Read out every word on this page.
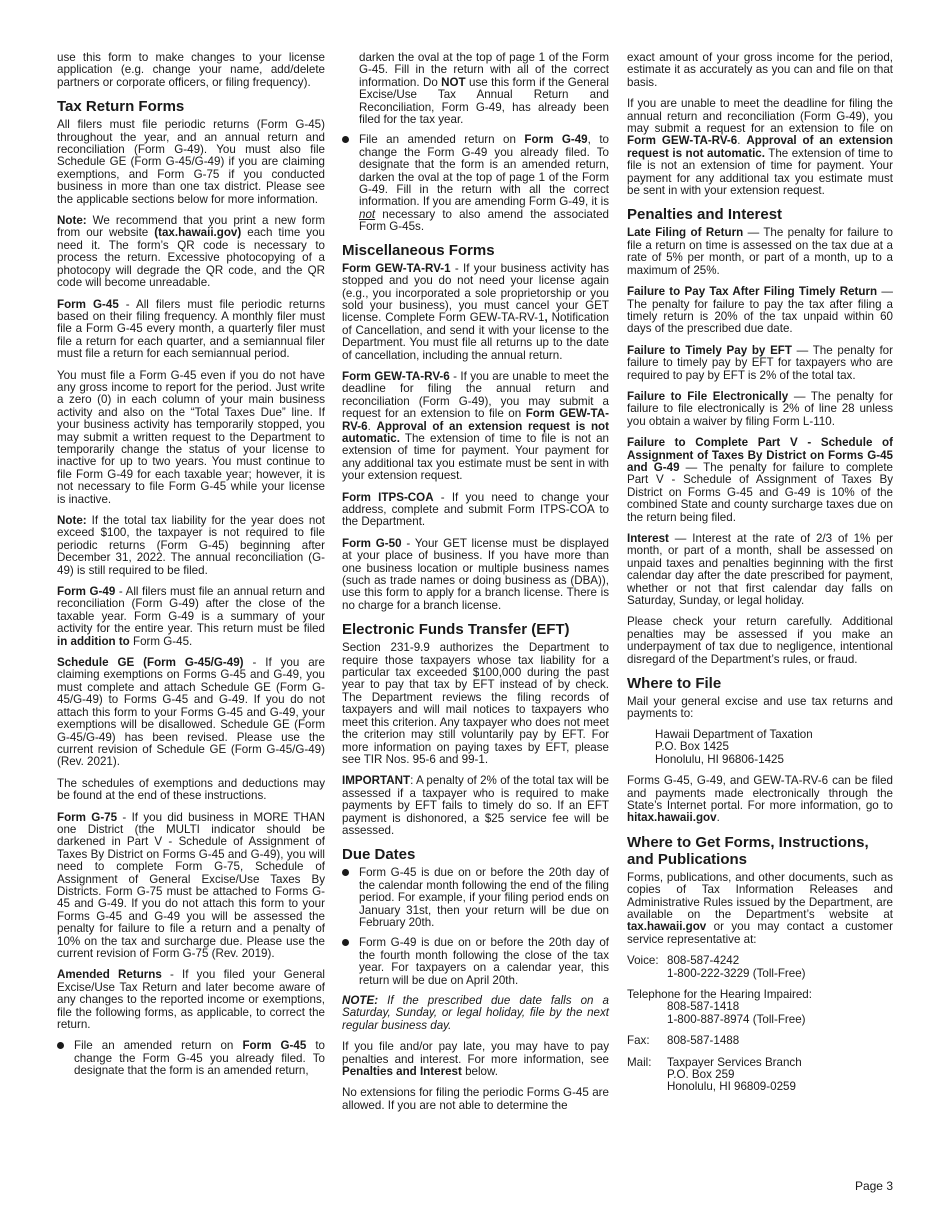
use this form to make changes to your license application (e.g. change your name, add/delete partners or corporate officers, or filing frequency).

Tax Return Forms

All filers must file periodic returns (Form G-45) throughout the year, and an annual return and reconciliation (Form G-49). You must also file Schedule GE (Form G-45/G-49) if you are claiming exemptions, and Form G-75 if you conducted business in more than one tax district. Please see the applicable sections below for more information.

Note: We recommend that you print a new form from our website (tax.hawaii.gov) each time you need it. The form’s QR code is necessary to process the return. Excessive photocopying of a photocopy will degrade the QR code, and the QR code will become unreadable.

Form G-45 - All filers must file periodic returns based on their filing frequency. A monthly filer must file a Form G-45 every month, a quarterly filer must file a return for each quarter, and a semiannual filer must file a return for each semiannual period.

You must file a Form G-45 even if you do not have any gross income to report for the period. Just write a zero (0) in each column of your main business activity and also on the “Total Taxes Due” line. If your business activity has temporarily stopped, you may submit a written request to the Department to temporarily change the status of your license to inactive for up to two years. You must continue to file Form G-49 for each taxable year; however, it is not necessary to file Form G-45 while your license is inactive.

Note: If the total tax liability for the year does not exceed $100, the taxpayer is not required to file periodic returns (Form G-45) beginning after December 31, 2022. The annual reconciliation (G-49) is still required to be filed.

Form G-49 - All filers must file an annual return and reconciliation (Form G-49) after the close of the taxable year. Form G-49 is a summary of your activity for the entire year. This return must be filed in addition to Form G-45.

Schedule GE (Form G-45/G-49) - If you are claiming exemptions on Forms G-45 and G-49, you must complete and attach Schedule GE (Form G-45/G-49) to Forms G-45 and G-49. If you do not attach this form to your Forms G-45 and G-49, your exemptions will be disallowed. Schedule GE (Form G-45/G-49) has been revised. Please use the current revision of Schedule GE (Form G-45/G-49) (Rev. 2021).

The schedules of exemptions and deductions may be found at the end of these instructions.

Form G-75 - If you did business in MORE THAN one District (the MULTI indicator should be darkened in Part V - Schedule of Assignment of Taxes By District on Forms G-45 and G-49), you will need to complete Form G-75, Schedule of Assignment of General Excise/Use Taxes By Districts. Form G-75 must be attached to Forms G-45 and G-49. If you do not attach this form to your Forms G-45 and G-49 you will be assessed the penalty for failure to file a return and a penalty of 10% on the tax and surcharge due. Please use the current revision of Form G-75 (Rev. 2019).

Amended Returns - If you filed your General Excise/Use Tax Return and later become aware of any changes to the reported income or exemptions, file the following forms, as applicable, to correct the return.

File an amended return on Form G-45 to change the Form G-45 you already filed. To designate that the form is an amended return,
darken the oval at the top of page 1 of the Form G-45. Fill in the return with all of the correct information. Do NOT use this form if the General Excise/Use Tax Annual Return and Reconciliation, Form G-49, has already been filed for the tax year.
File an amended return on Form G-49, to change the Form G-49 you already filed. To designate that the form is an amended return, darken the oval at the top of page 1 of the Form G-49. Fill in the return with all the correct information. If you are amending Form G-49, it is not necessary to also amend the associated Form G-45s.
Miscellaneous Forms

Form GEW-TA-RV-1 - If your business activity has stopped and you do not need your license again (e.g., you incorporated a sole proprietorship or you sold your business), you must cancel your GET license. Complete Form GEW-TA-RV-1, Notification of Cancellation, and send it with your license to the Department. You must file all returns up to the date of cancellation, including the annual return.

Form GEW-TA-RV-6 - If you are unable to meet the deadline for filing the annual return and reconciliation (Form G-49), you may submit a request for an extension to file on Form GEW-TA-RV-6. Approval of an extension request is not automatic. The extension of time to file is not an extension of time for payment. Your payment for any additional tax you estimate must be sent in with your extension request.

Form ITPS-COA - If you need to change your address, complete and submit Form ITPS-COA to the Department.

Form G-50 - Your GET license must be displayed at your place of business. If you have more than one business location or multiple business names (such as trade names or doing business as (DBA)), use this form to apply for a branch license. There is no charge for a branch license.

Electronic Funds Transfer (EFT)

Section 231-9.9 authorizes the Department to require those taxpayers whose tax liability for a particular tax exceeded $100,000 during the past year to pay that tax by EFT instead of by check. The Department reviews the filing records of taxpayers and will mail notices to taxpayers who meet this criterion. Any taxpayer who does not meet the criterion may still voluntarily pay by EFT. For more information on paying taxes by EFT, please see TIR Nos. 95-6 and 99-1.

IMPORTANT: A penalty of 2% of the total tax will be assessed if a taxpayer who is required to make payments by EFT fails to timely do so. If an EFT payment is dishonored, a $25 service fee will be assessed.

Due Dates
Form G-45 is due on or before the 20th day of the calendar month following the end of the filing period. For example, if your filing period ends on January 31st, then your return will be due on February 20th.
Form G-49 is due on or before the 20th day of the fourth month following the close of the tax year. For taxpayers on a calendar year, this return will be due on April 20th.

NOTE: If the prescribed due date falls on a Saturday, Sunday, or legal holiday, file by the next regular business day.

If you file and/or pay late, you may have to pay penalties and interest. For more information, see Penalties and Interest below.

No extensions for filing the periodic Forms G-45 are allowed. If you are not able to determine the

exact amount of your gross income for the period, estimate it as accurately as you can and file on that basis.

If you are unable to meet the deadline for filing the annual return and reconciliation (Form G-49), you may submit a request for an extension to file on Form GEW-TA-RV-6. Approval of an extension request is not automatic. The extension of time to file is not an extension of time for payment. Your payment for any additional tax you estimate must be sent in with your extension request.

Penalties and Interest

Late Filing of Return — The penalty for failure to file a return on time is assessed on the tax due at a rate of 5% per month, or part of a month, up to a maximum of 25%.

Failure to Pay Tax After Filing Timely Return — The penalty for failure to pay the tax after filing a timely return is 20% of the tax unpaid within 60 days of the prescribed due date.

Failure to Timely Pay by EFT — The penalty for failure to timely pay by EFT for taxpayers who are required to pay by EFT is 2% of the total tax.

Failure to File Electronically — The penalty for failure to file electronically is 2% of line 28 unless you obtain a waiver by filing Form L-110.

Failure to Complete Part V - Schedule of Assignment of Taxes By District on Forms G-45 and G-49 — The penalty for failure to complete Part V - Schedule of Assignment of Taxes By District on Forms G-45 and G-49 is 10% of the combined State and county surcharge taxes due on the return being filed.

Interest — Interest at the rate of 2/3 of 1% per month, or part of a month, shall be assessed on unpaid taxes and penalties beginning with the first calendar day after the date prescribed for payment, whether or not that first calendar day falls on Saturday, Sunday, or legal holiday.

Please check your return carefully. Additional penalties may be assessed if you make an underpayment of tax due to negligence, intentional disregard of the Department’s rules, or fraud.

Where to File

Mail your general excise and use tax returns and payments to:

Hawaii Department of Taxation
P.O. Box 1425
Honolulu, HI 96806-1425

Forms G-45, G-49, and GEW-TA-RV-6 can be filed and payments made electronically through the State’s Internet portal. For more information, go to hitax.hawaii.gov.

Where to Get Forms, Instructions, and Publications

Forms, publications, and other documents, such as copies of Tax Information Releases and Administrative Rules issued by the Department, are available on the Department’s website at tax.hawaii.gov or you may contact a customer service representative at:

Voice: 808-587-4242
1-800-222-3229 (Toll-Free)
Telephone for the Hearing Impaired:
808-587-1418
1-800-887-8974 (Toll-Free)
Fax:	808-587-1488
Mail:	Taxpayer Services Branch
P.O. Box 259
Honolulu, HI 96809-0259
Page 3
